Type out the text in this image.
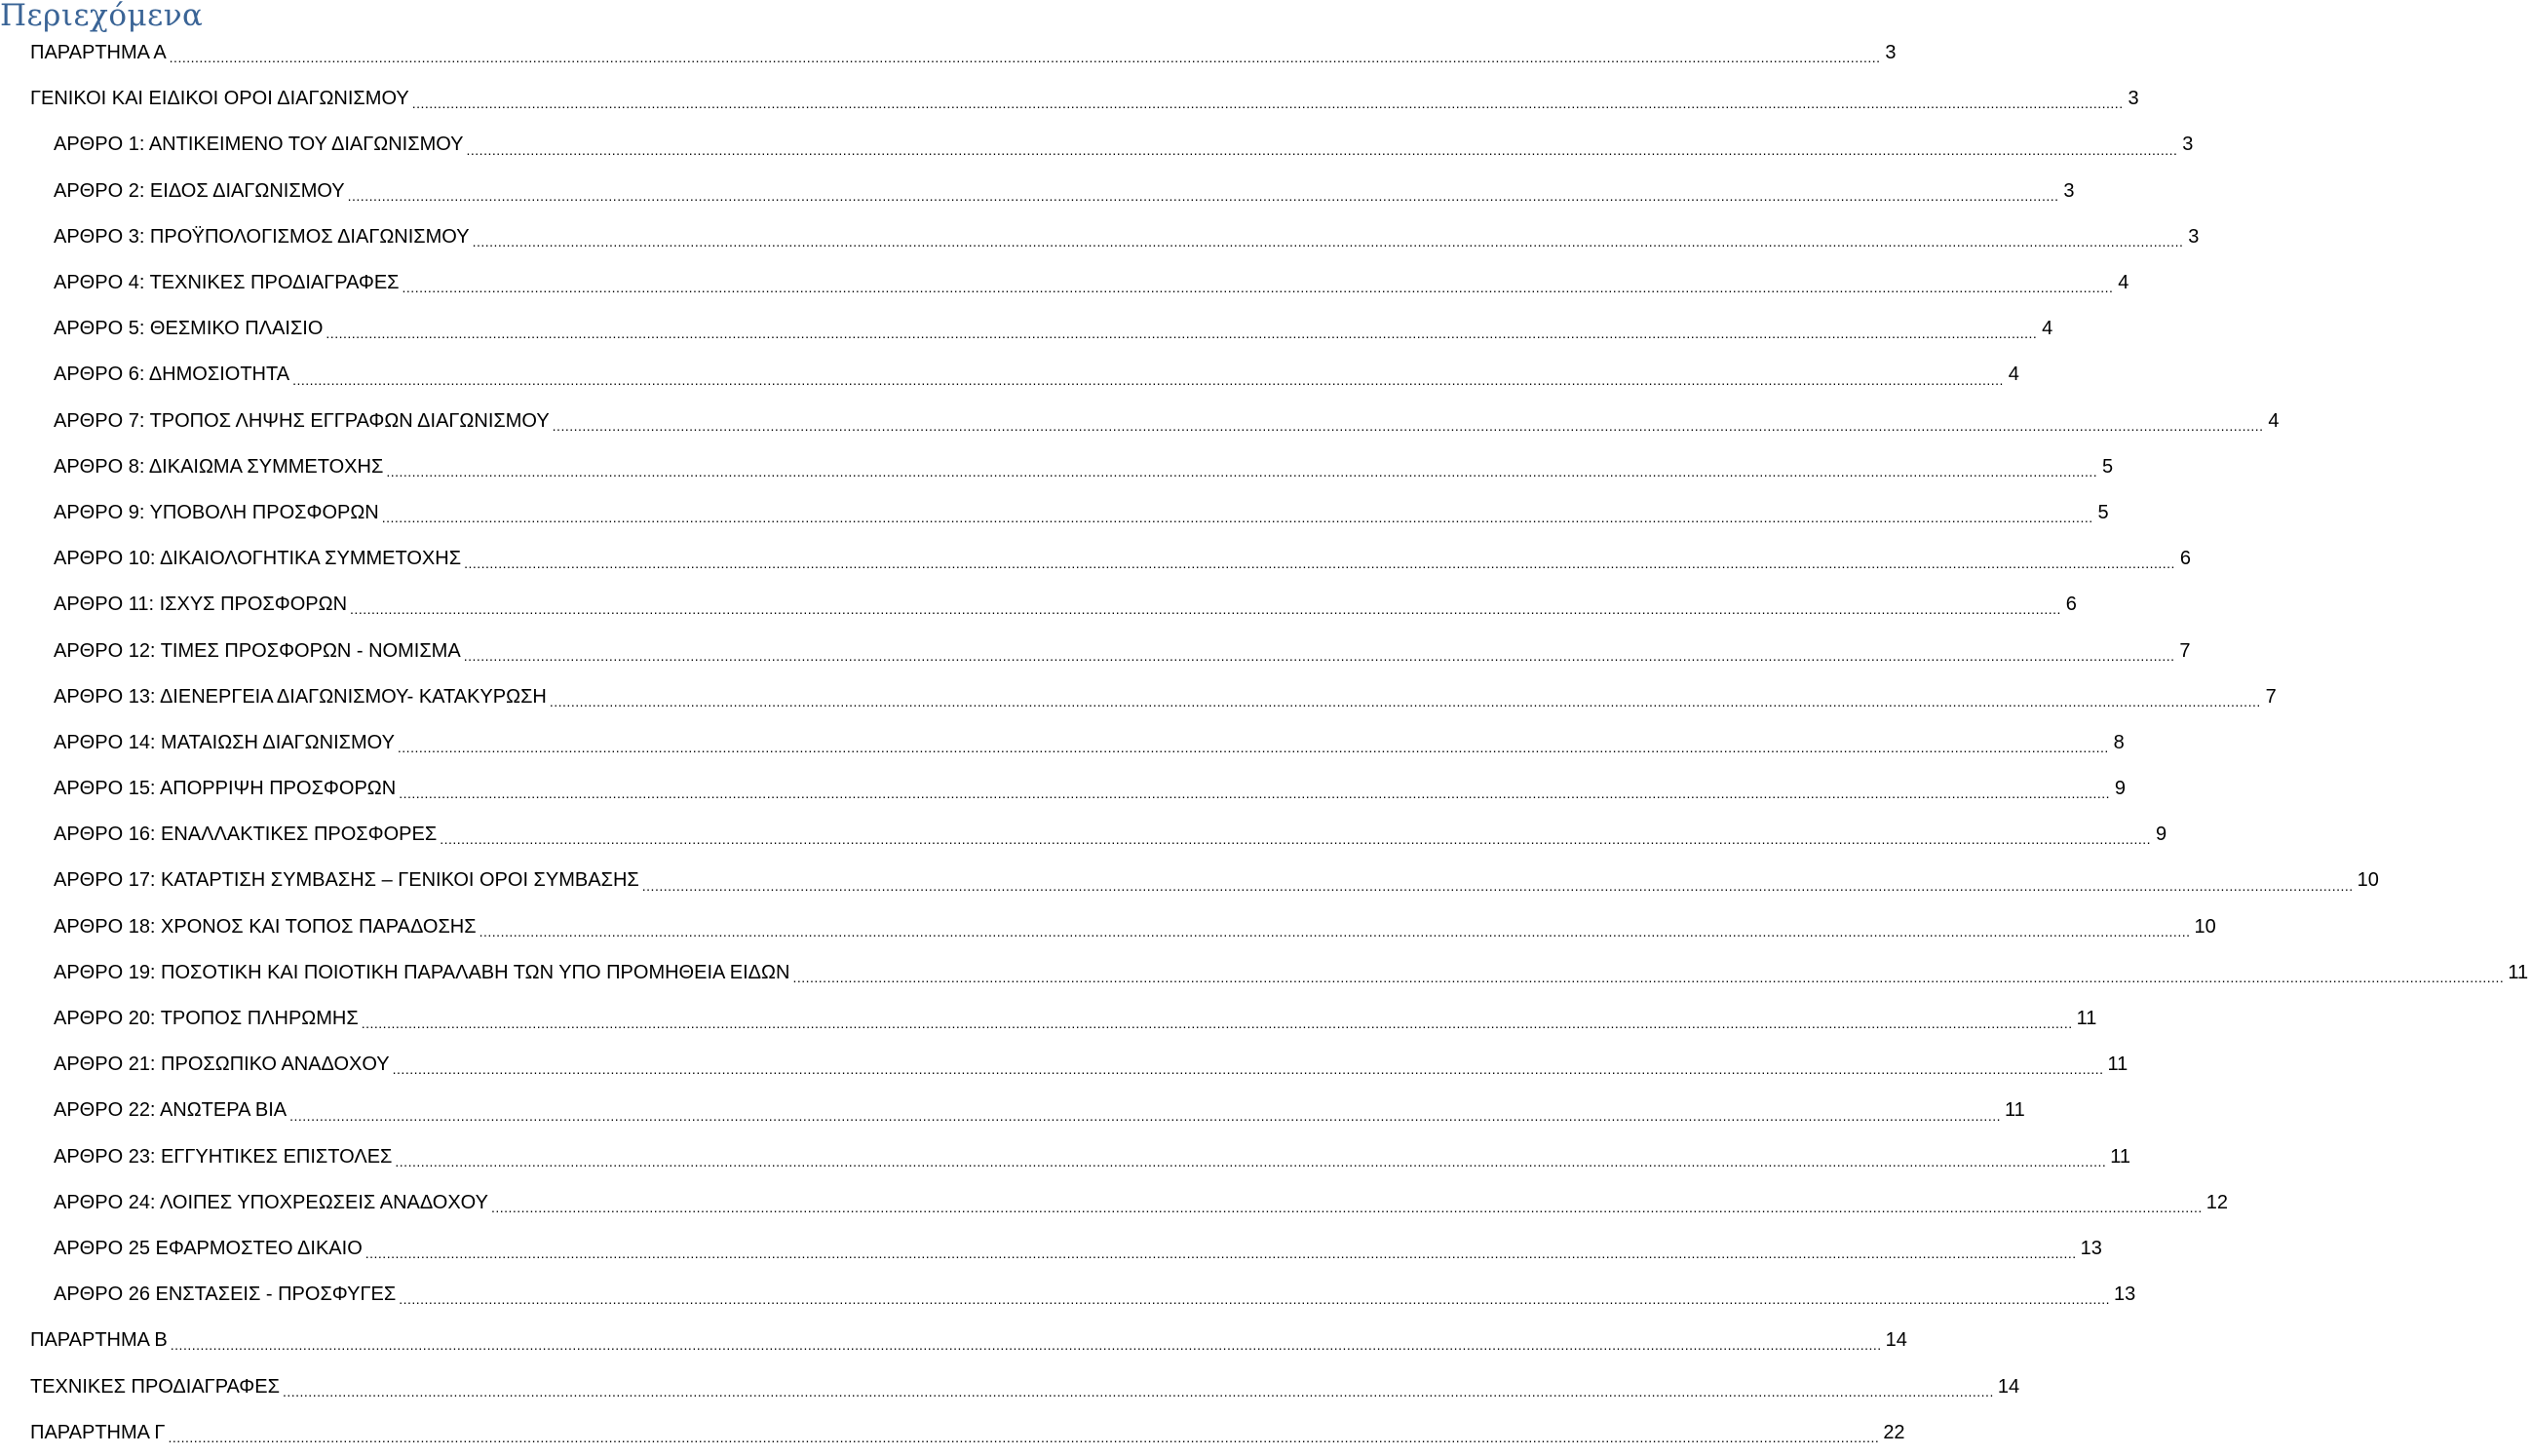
Περιεχόμενα
ΠΑΡΑΡΤΗΜΑ Α ................................................................................................................................................................................................................................................................................................................................................................................................................ 3
ΓΕΝΙΚΟΙ ΚΑΙ ΕΙΔΙΚΟΙ ΟΡΟΙ ΔΙΑΓΩΝΙΣΜΟΥ ................................................................................................................................................................................................................................................................................................................................................................................................................ 3
ΑΡΘΡΟ 1: ΑΝΤΙΚΕΙΜΕΝΟ ΤΟΥ ΔΙΑΓΩΝΙΣΜΟΥ ................................................................................................................................................................................................................................................................................................................................................................................................................ 3
ΑΡΘΡΟ 2: ΕΙΔΟΣ ΔΙΑΓΩΝΙΣΜΟΥ ................................................................................................................................................................................................................................................................................................................................................................................................................ 3
ΑΡΘΡΟ 3: ΠΡΟΫΠΟΛΟΓΙΣΜΟΣ ΔΙΑΓΩΝΙΣΜΟΥ ................................................................................................................................................................................................................................................................................................................................................................................................................ 3
ΑΡΘΡΟ 4: ΤΕΧΝΙΚΕΣ ΠΡΟΔΙΑΓΡΑΦΕΣ ................................................................................................................................................................................................................................................................................................................................................................................................................ 4
ΑΡΘΡΟ 5: ΘΕΣΜΙΚΟ ΠΛΑΙΣΙΟ ................................................................................................................................................................................................................................................................................................................................................................................................................ 4
ΑΡΘΡΟ 6: ΔΗΜΟΣΙΟΤΗΤΑ ................................................................................................................................................................................................................................................................................................................................................................................................................ 4
ΑΡΘΡΟ 7: ΤΡΟΠΟΣ ΛΗΨΗΣ ΕΓΓΡΑΦΩΝ ΔΙΑΓΩΝΙΣΜΟΥ ................................................................................................................................................................................................................................................................................................................................................................................................................ 4
ΑΡΘΡΟ 8: ΔΙΚΑΙΩΜΑ ΣΥΜΜΕΤΟΧΗΣ ................................................................................................................................................................................................................................................................................................................................................................................................................ 5
ΑΡΘΡΟ 9: ΥΠΟΒΟΛΗ ΠΡΟΣΦΟΡΩΝ ................................................................................................................................................................................................................................................................................................................................................................................................................ 5
ΑΡΘΡΟ 10: ΔΙΚΑΙΟΛΟΓΗΤΙΚΑ ΣΥΜΜΕΤΟΧΗΣ ................................................................................................................................................................................................................................................................................................................................................................................................................ 6
ΑΡΘΡΟ 11: ΙΣΧΥΣ ΠΡΟΣΦΟΡΩΝ ................................................................................................................................................................................................................................................................................................................................................................................................................ 6
ΑΡΘΡΟ 12: ΤΙΜΕΣ ΠΡΟΣΦΟΡΩΝ - ΝΟΜΙΣΜΑ ................................................................................................................................................................................................................................................................................................................................................................................................................ 7
ΑΡΘΡΟ 13: ΔΙΕΝΕΡΓΕΙΑ ΔΙΑΓΩΝΙΣΜΟΥ- ΚΑΤΑΚΥΡΩΣΗ ................................................................................................................................................................................................................................................................................................................................................................................................................ 7
ΑΡΘΡΟ 14: ΜΑΤΑΙΩΣΗ ΔΙΑΓΩΝΙΣΜΟΥ ................................................................................................................................................................................................................................................................................................................................................................................................................ 8
ΑΡΘΡΟ 15: ΑΠΟΡΡΙΨΗ ΠΡΟΣΦΟΡΩΝ ................................................................................................................................................................................................................................................................................................................................................................................................................ 9
ΑΡΘΡΟ 16: ΕΝΑΛΛΑΚΤΙΚΕΣ ΠΡΟΣΦΟΡΕΣ ................................................................................................................................................................................................................................................................................................................................................................................................................ 9
ΑΡΘΡΟ 17: ΚΑΤΑΡΤΙΣΗ ΣΥΜΒΑΣΗΣ – ΓΕΝΙΚΟΙ ΟΡΟΙ ΣΥΜΒΑΣΗΣ ................................................................................................................................................................................................................................................................................................................................................................................................................ 10
ΑΡΘΡΟ 18: ΧΡΟΝΟΣ ΚΑΙ ΤΟΠΟΣ ΠΑΡΑΔΟΣΗΣ ................................................................................................................................................................................................................................................................................................................................................................................................................ 10
ΑΡΘΡΟ 19: ΠΟΣΟΤΙΚΗ ΚΑΙ ΠΟΙΟΤΙΚΗ ΠΑΡΑΛΑΒΗ ΤΩΝ ΥΠΟ ΠΡΟΜΗΘΕΙΑ ΕΙΔΩΝ ................................................................................................................................................................................................................................................................................................................................................................................................................ 11
ΑΡΘΡΟ 20: ΤΡΟΠΟΣ ΠΛΗΡΩΜΗΣ ................................................................................................................................................................................................................................................................................................................................................................................................................ 11
ΑΡΘΡΟ 21: ΠΡΟΣΩΠΙΚΟ ΑΝΑΔΟΧΟΥ ................................................................................................................................................................................................................................................................................................................................................................................................................ 11
ΑΡΘΡΟ 22: ΑΝΩΤΕΡΑ ΒΙΑ ................................................................................................................................................................................................................................................................................................................................................................................................................ 11
ΑΡΘΡΟ 23: ΕΓΓΥΗΤΙΚΕΣ ΕΠΙΣΤΟΛΕΣ ................................................................................................................................................................................................................................................................................................................................................................................................................ 11
ΑΡΘΡΟ 24: ΛΟΙΠΕΣ ΥΠΟΧΡΕΩΣΕΙΣ ΑΝΑΔΟΧΟΥ ................................................................................................................................................................................................................................................................................................................................................................................................................ 12
ΑΡΘΡΟ 25 ΕΦΑΡΜΟΣΤΕΟ ΔΙΚΑΙΟ ................................................................................................................................................................................................................................................................................................................................................................................................................ 13
ΑΡΘΡΟ 26 ΕΝΣΤΑΣΕΙΣ - ΠΡΟΣΦΥΓΕΣ ................................................................................................................................................................................................................................................................................................................................................................................................................ 13
ΠΑΡΑΡΤΗΜΑ Β ................................................................................................................................................................................................................................................................................................................................................................................................................ 14
ΤΕΧΝΙΚΕΣ ΠΡΟΔΙΑΓΡΑΦΕΣ ................................................................................................................................................................................................................................................................................................................................................................................................................ 14
ΠΑΡΑΡΤΗΜΑ Γ ................................................................................................................................................................................................................................................................................................................................................................................................................ 22
